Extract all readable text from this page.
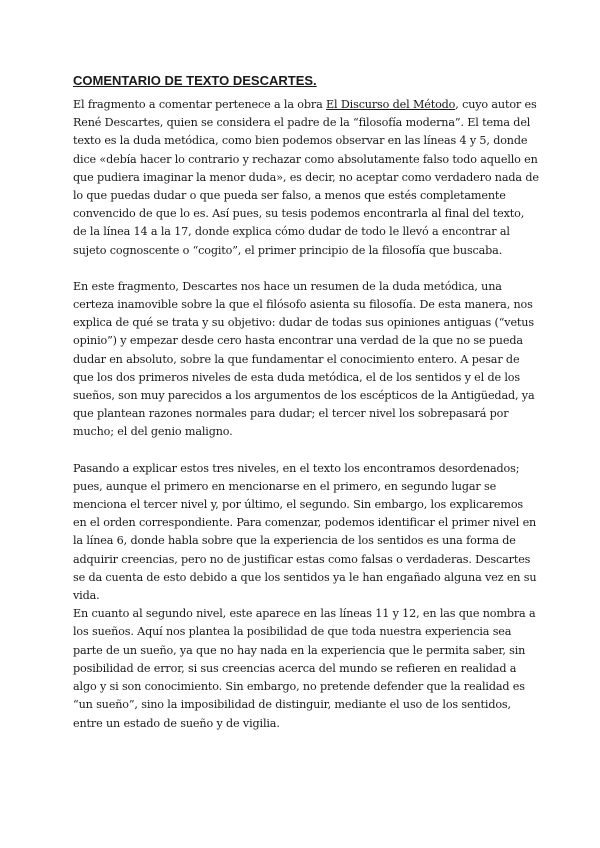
COMENTARIO DE TEXTO DESCARTES.

El fragmento a comentar pertenece a la obra El Discurso del Método, cuyo autor es René Descartes, quien se considera el padre de la “filosofía moderna”. El tema del texto es la duda metódica, como bien podemos observar en las líneas 4 y 5, donde dice «debía hacer lo contrario y rechazar como absolutamente falso todo aquello en que pudiera imaginar la menor duda», es decir, no aceptar como verdadero nada de lo que puedas dudar o que pueda ser falso, a menos que estés completamente convencido de que lo es. Así pues, su tesis podemos encontrarla al final del texto, de la línea 14 a la 17, donde explica cómo dudar de todo le llevó a encontrar al sujeto cognoscente o “cogito”, el primer principio de la filosofía que buscaba.

En este fragmento, Descartes nos hace un resumen de la duda metódica, una certeza inamovible sobre la que el filósofo asienta su filosofía. De esta manera, nos explica de qué se trata y su objetivo: dudar de todas sus opiniones antiguas (“vetus opinio”) y empezar desde cero hasta encontrar una verdad de la que no se pueda dudar en absoluto, sobre la que fundamentar el conocimiento entero. A pesar de que los dos primeros niveles de esta duda metódica, el de los sentidos y el de los sueños, son muy parecidos a los argumentos de los escépticos de la Antigüedad, ya que plantean razones normales para dudar; el tercer nivel los sobrepasará por mucho; el del genio maligno.

Pasando a explicar estos tres niveles, en el texto los encontramos desordenados; pues, aunque el primero en mencionarse en el primero, en segundo lugar se menciona el tercer nivel y, por último, el segundo. Sin embargo, los explicaremos en el orden correspondiente. Para comenzar, podemos identificar el primer nivel en la línea 6, donde habla sobre que la experiencia de los sentidos es una forma de adquirir creencias, pero no de justificar estas como falsas o verdaderas. Descartes se da cuenta de esto debido a que los sentidos ya le han engañado alguna vez en su vida.

En cuanto al segundo nivel, este aparece en las líneas 11 y 12, en las que nombra a los sueños. Aquí nos plantea la posibilidad de que toda nuestra experiencia sea parte de un sueño, ya que no hay nada en la experiencia que le permita saber, sin posibilidad de error, si sus creencias acerca del mundo se refieren en realidad a algo y si son conocimiento. Sin embargo, no pretende defender que la realidad es “un sueño”, sino la imposibilidad de distinguir, mediante el uso de los sentidos, entre un estado de sueño y de vigilia.
